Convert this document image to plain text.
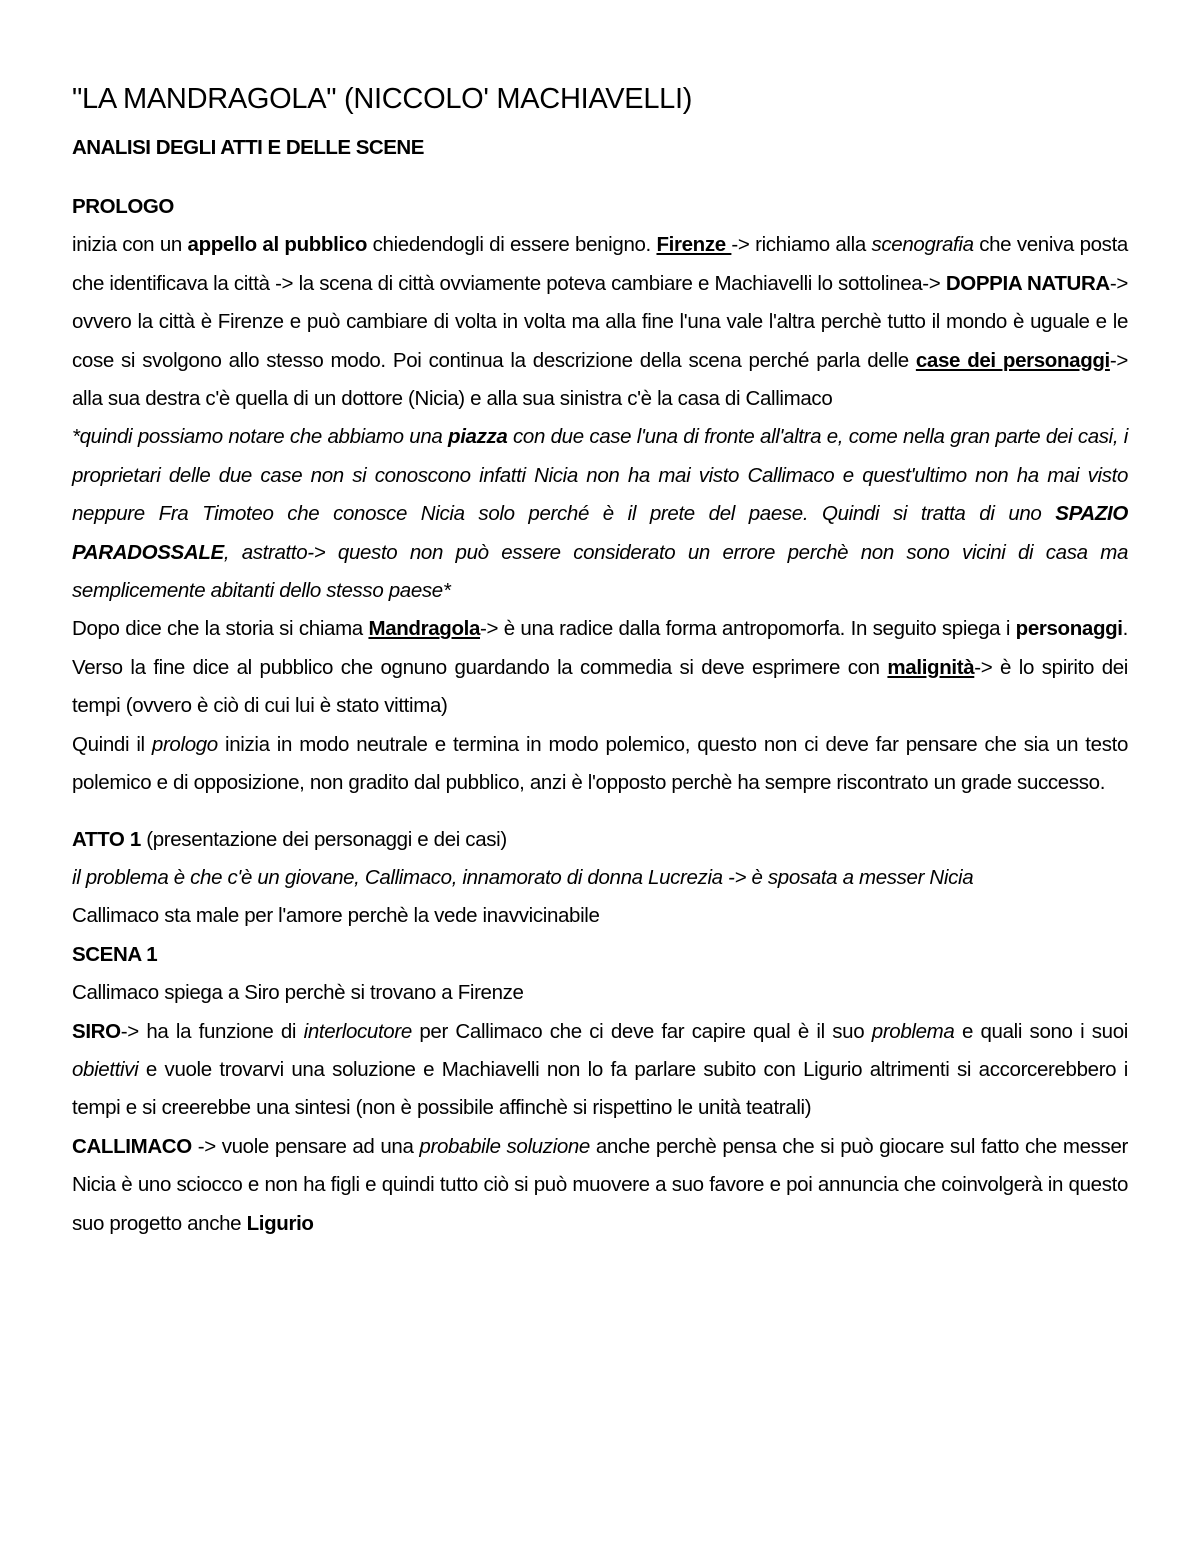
"LA MANDRAGOLA" (NICCOLO' MACHIAVELLI)
ANALISI DEGLI ATTI E DELLE SCENE
PROLOGO

inizia con un appello al pubblico chiedendogli di essere benigno. Firenze -> richiamo alla scenografia che veniva posta che identificava la città -> la scena di città ovviamente poteva cambiare e Machiavelli lo sottolinea-> DOPPIA NATURA-> ovvero la città è Firenze e può cambiare di volta in volta ma alla fine l'una vale l'altra perchè tutto il mondo è uguale e le cose si svolgono allo stesso modo. Poi continua la descrizione della scena perché parla delle case dei personaggi-> alla sua destra c'è quella di un dottore (Nicia) e alla sua sinistra c'è la casa di Callimaco

*quindi possiamo notare che abbiamo una piazza con due case l'una di fronte all'altra e, come nella gran parte dei casi, i proprietari delle due case non si conoscono infatti Nicia non ha mai visto Callimaco e quest'ultimo non ha mai visto neppure Fra Timoteo che conosce Nicia solo perché è il prete del paese. Quindi si tratta di uno SPAZIO PARADOSSALE, astratto-> questo non può essere considerato un errore perchè non sono vicini di casa ma semplicemente abitanti dello stesso paese*

Dopo dice che la storia si chiama Mandragola-> è una radice dalla forma antropomorfa. In seguito spiega i personaggi. Verso la fine dice al pubblico che ognuno guardando la commedia si deve esprimere con malignità-> è lo spirito dei tempi (ovvero è ciò di cui lui è stato vittima)

Quindi il prologo inizia in modo neutrale e termina in modo polemico, questo non ci deve far pensare che sia un testo polemico e di opposizione, non gradito dal pubblico, anzi è l'opposto perchè ha sempre riscontrato un grade successo.

ATTO 1 (presentazione dei personaggi e dei casi)

il problema è che c'è un giovane, Callimaco, innamorato di donna Lucrezia -> è sposata a messer Nicia

Callimaco sta male per l'amore perchè la vede inavvicinabile

SCENA 1

Callimaco spiega a Siro perchè si trovano a Firenze

SIRO-> ha la funzione di interlocutore per Callimaco che ci deve far capire qual è il suo problema e quali sono i suoi obiettivi e vuole trovarvi una soluzione e Machiavelli non lo fa parlare subito con Ligurio altrimenti si accorcerebbero i tempi e si creerebbe una sintesi (non è possibile affinchè si rispettino le unità teatrali)

CALLIMACO -> vuole pensare ad una probabile soluzione anche perchè pensa che si può giocare sul fatto che messer Nicia è uno sciocco e non ha figli e quindi tutto ciò si può muovere a suo favore e poi annuncia che coinvolgerà in questo suo progetto anche Ligurio
